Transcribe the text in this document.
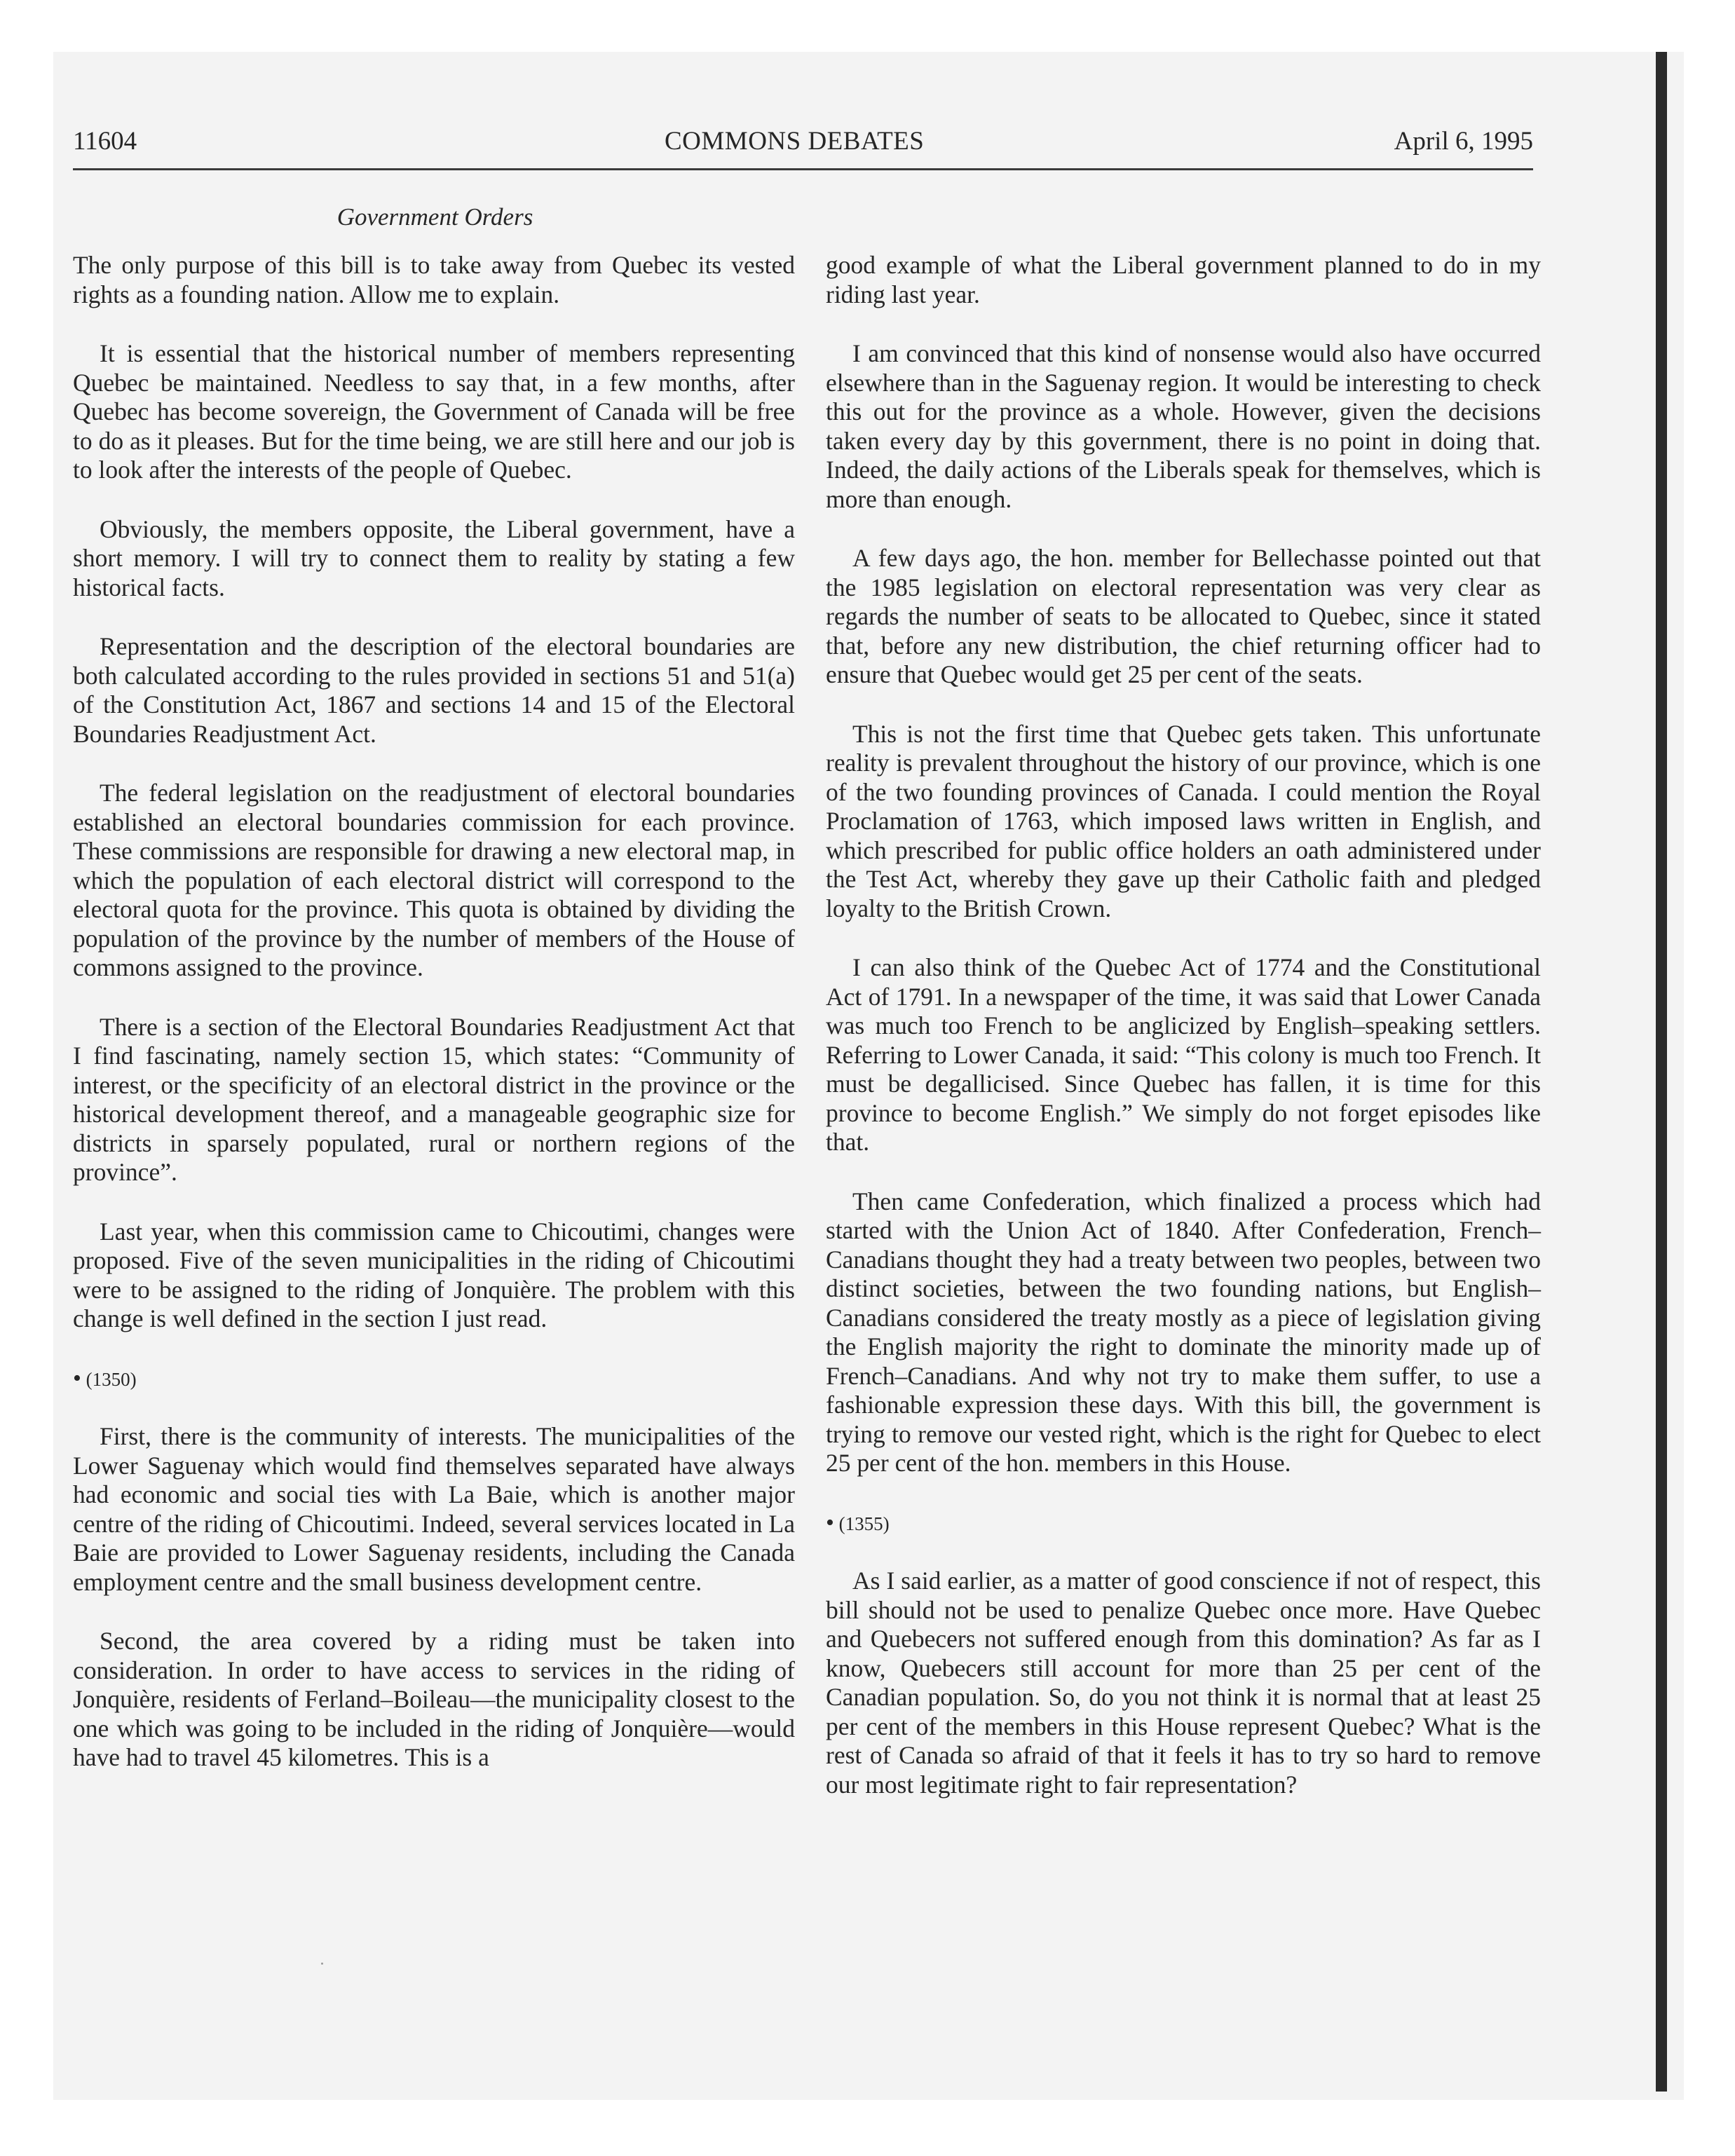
11604	COMMONS DEBATES	April 6, 1995
Government Orders

The only purpose of this bill is to take away from Quebec its vested rights as a founding nation. Allow me to explain.

It is essential that the historical number of members representing Quebec be maintained. Needless to say that, in a few months, after Quebec has become sovereign, the Government of Canada will be free to do as it pleases. But for the time being, we are still here and our job is to look after the interests of the people of Quebec.

Obviously, the members opposite, the Liberal government, have a short memory. I will try to connect them to reality by stating a few historical facts.

Representation and the description of the electoral boundaries are both calculated according to the rules provided in sections 51 and 51(a) of the Constitution Act, 1867 and sections 14 and 15 of the Electoral Boundaries Readjustment Act.

The federal legislation on the readjustment of electoral boundaries established an electoral boundaries commission for each province. These commissions are responsible for drawing a new electoral map, in which the population of each electoral district will correspond to the electoral quota for the province. This quota is obtained by dividing the population of the province by the number of members of the House of commons assigned to the province.

There is a section of the Electoral Boundaries Readjustment Act that I find fascinating, namely section 15, which states: “Community of interest, or the specificity of an electoral district in the province or the historical development thereof, and a manageable geographic size for districts in sparsely populated, rural or northern regions of the province”.

Last year, when this commission came to Chicoutimi, changes were proposed. Five of the seven municipalities in the riding of Chicoutimi were to be assigned to the riding of Jonquière. The problem with this change is well defined in the section I just read.

• (1350)

First, there is the community of interests. The municipalities of the Lower Saguenay which would find themselves separated have always had economic and social ties with La Baie, which is another major centre of the riding of Chicoutimi. Indeed, several services located in La Baie are provided to Lower Saguenay residents, including the Canada employment centre and the small business development centre.

Second, the area covered by a riding must be taken into consideration. In order to have access to services in the riding of Jonquière, residents of Ferland–Boileau—the municipality closest to the one which was going to be included in the riding of Jonquière—would have had to travel 45 kilometres. This is a

good example of what the Liberal government planned to do in my riding last year.

I am convinced that this kind of nonsense would also have occurred elsewhere than in the Saguenay region. It would be interesting to check this out for the province as a whole. However, given the decisions taken every day by this government, there is no point in doing that. Indeed, the daily actions of the Liberals speak for themselves, which is more than enough.

A few days ago, the hon. member for Bellechasse pointed out that the 1985 legislation on electoral representation was very clear as regards the number of seats to be allocated to Quebec, since it stated that, before any new distribution, the chief returning officer had to ensure that Quebec would get 25 per cent of the seats.

This is not the first time that Quebec gets taken. This unfortunate reality is prevalent throughout the history of our province, which is one of the two founding provinces of Canada. I could mention the Royal Proclamation of 1763, which imposed laws written in English, and which prescribed for public office holders an oath administered under the Test Act, whereby they gave up their Catholic faith and pledged loyalty to the British Crown.

I can also think of the Quebec Act of 1774 and the Constitutional Act of 1791. In a newspaper of the time, it was said that Lower Canada was much too French to be anglicized by English–speaking settlers. Referring to Lower Canada, it said: “This colony is much too French. It must be degallicised. Since Quebec has fallen, it is time for this province to become English.” We simply do not forget episodes like that.

Then came Confederation, which finalized a process which had started with the Union Act of 1840. After Confederation, French–Canadians thought they had a treaty between two peoples, between two distinct societies, between the two founding nations, but English–Canadians considered the treaty mostly as a piece of legislation giving the English majority the right to dominate the minority made up of French–Canadians. And why not try to make them suffer, to use a fashionable expression these days. With this bill, the government is trying to remove our vested right, which is the right for Quebec to elect 25 per cent of the hon. members in this House.

• (1355)

As I said earlier, as a matter of good conscience if not of respect, this bill should not be used to penalize Quebec once more. Have Quebec and Quebecers not suffered enough from this domination? As far as I know, Quebecers still account for more than 25 per cent of the Canadian population. So, do you not think it is normal that at least 25 per cent of the members in this House represent Quebec? What is the rest of Canada so afraid of that it feels it has to try so hard to remove our most legitimate right to fair representation?
